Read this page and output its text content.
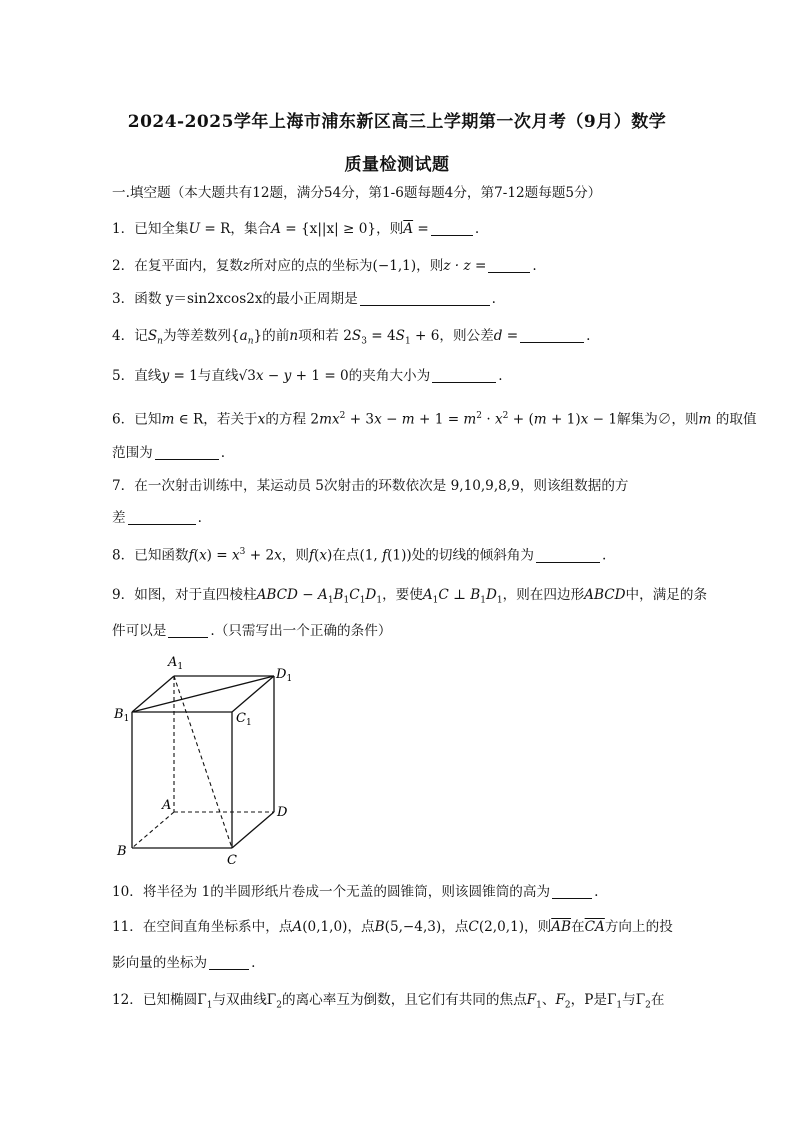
2024-2025学年上海市浦东新区高三上学期第一次月考（9月）数学
质量检测试题
一.填空题（本大题共有12题，满分54分，第1-6题每题4分，第7-12题每题5分）
1．已知全集U = R，集合A = {x||x| ≥ 0}，则$\overline{A}$ =	.
2．在复平面内，复数z所对应的点的坐标为(−1,1)，则z · z =	.
3．函数 y＝sin2xcos2x的最小正周期是	.
4．记$S_n$为等差数列$\{a_n\}$的前n项和若 $2S_3 = 4S_1 + 6$，则公差d =	.
5．直线y = 1与直线√3x − y + 1 = 0的夹角大小为	.
6．已知m ∈ R，若关于x的方程 $2mx^2 + 3x - m + 1 = m^2 \cdot x^2 + (m + 1)x - 1$解集为∅，则m 的取值
范围为	.
7．在一次射击训练中，某运动员 5次射击的环数依次是 9,10,9,8,9，则该组数据的方
差	.
8．已知函数$f(x) = x^3 + 2x$，则f(x)在点(1, f(1))处的切线的倾斜角为	.
9．如图，对于直四棱柱ABCD − $A_1B_1C_1D_1$，要使$A_1C$ ⊥ $B_1D_1$，则在四边形ABCD中，满足的条
件可以是	.（只需写出一个正确的条件）
$A_1$	$D_1$
$B_1$	$C_1$
A	D
B
C
10．将半径为 1的半圆形纸片卷成一个无盖的圆锥筒，则该圆锥筒的高为	.
11．在空间直角坐标系中，点A(0,1,0)，点B(5,−4,3)，点C(2,0,1)，则$\overline{AB}$在$\overline{CA}$方向上的投
影向量的坐标为	.
12．已知椭圆$\Gamma_1$与双曲线$\Gamma_2$的离心率互为倒数，且它们有共同的焦点$F_1$、$F_2$，P是$\Gamma_1$与$\Gamma_2$在
